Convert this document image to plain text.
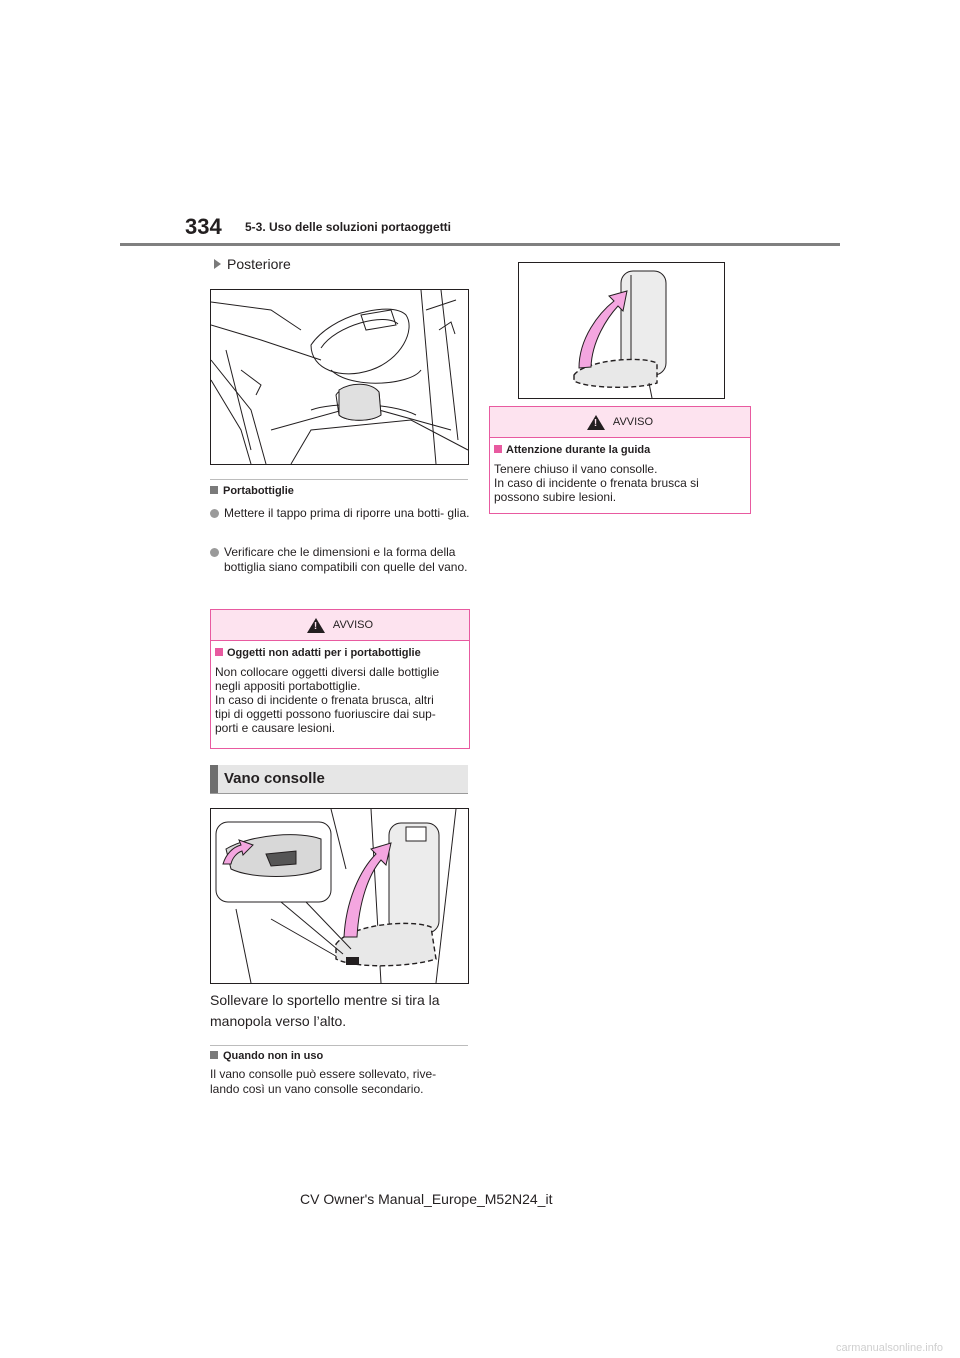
334 5-3. Uso delle soluzioni portaoggetti
Posteriore
Portabottiglie
Mettere il tappo prima di riporre una botti- glia.
Verificare che le dimensioni e la forma della bottiglia siano compatibili con quelle del vano.
!
AVVISO
Oggetti non adatti per i portabottiglie
Non collocare oggetti diversi dalle bottiglie
negli appositi portabottiglie.
In caso di incidente o frenata brusca, altri
tipi di oggetti possono fuoriuscire dai sup-
porti e causare lesioni.
Vano consolle
Sollevare lo sportello mentre si tira la
manopola verso l’alto.
Quando non in uso
Il vano consolle può essere sollevato, rive-
lando così un vano consolle secondario.
!
AVVISO
Attenzione durante la guida
Tenere chiuso il vano consolle.
In caso di incidente o frenata brusca si
possono subire lesioni.
CV Owner's Manual_Europe_M52N24_it
carmanualsonline.info
